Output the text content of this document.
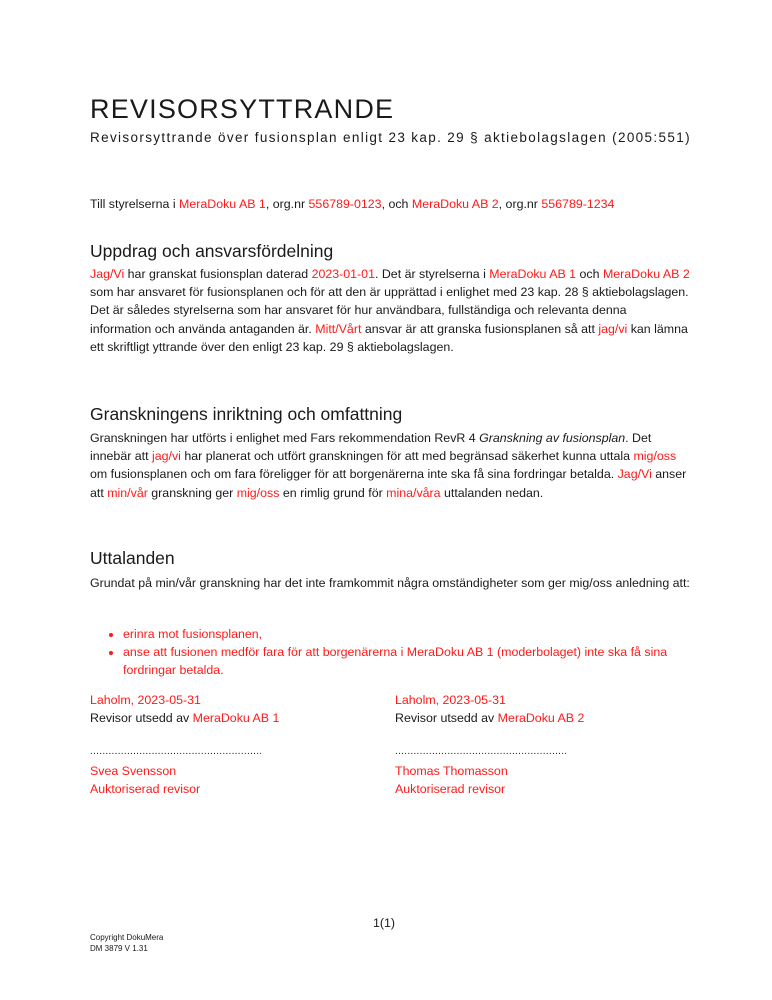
REVISORSYTTRANDE
Revisorsyttrande över fusionsplan enligt 23 kap. 29 § aktiebolagslagen (2005:551)
Till styrelserna i MeraDoku AB 1, org.nr 556789-0123, och MeraDoku AB 2, org.nr 556789-1234
Uppdrag och ansvarsfördelning
Jag/Vi har granskat fusionsplan daterad 2023-01-01. Det är styrelserna i MeraDoku AB 1 och MeraDoku AB 2 som har ansvaret för fusionsplanen och för att den är upprättad i enlighet med 23 kap. 28 § aktiebolagslagen. Det är således styrelserna som har ansvaret för hur användbara, fullständiga och relevanta denna information och använda antaganden är. Mitt/Vårt ansvar är att granska fusionsplanen så att jag/vi kan lämna ett skriftligt yttrande över den enligt 23 kap. 29 § aktiebolagslagen.
Granskningens inriktning och omfattning
Granskningen har utförts i enlighet med Fars rekommendation RevR 4 Granskning av fusionsplan. Det innebär att jag/vi har planerat och utfört granskningen för att med begränsad säkerhet kunna uttala mig/oss om fusionsplanen och om fara föreligger för att borgenärerna inte ska få sina fordringar betalda. Jag/Vi anser att min/vår granskning ger mig/oss en rimlig grund för mina/våra uttalanden nedan.
Uttalanden
Grundat på min/vår granskning har det inte framkommit några omständigheter som ger mig/oss anledning att:
• erinra mot fusionsplanen,
• anse att fusionen medför fara för att borgenärerna i MeraDoku AB 1 (moderbolaget) inte ska få sina fordringar betalda.
Laholm, 2023-05-31
Revisor utsedd av MeraDoku AB 1
........................................................
Svea Svensson
Auktoriserad revisor
Laholm, 2023-05-31
Revisor utsedd av MeraDoku AB 2
........................................................
Thomas Thomasson
Auktoriserad revisor
1(1)
Copyright DokuMera
DM 3879 V 1.31
